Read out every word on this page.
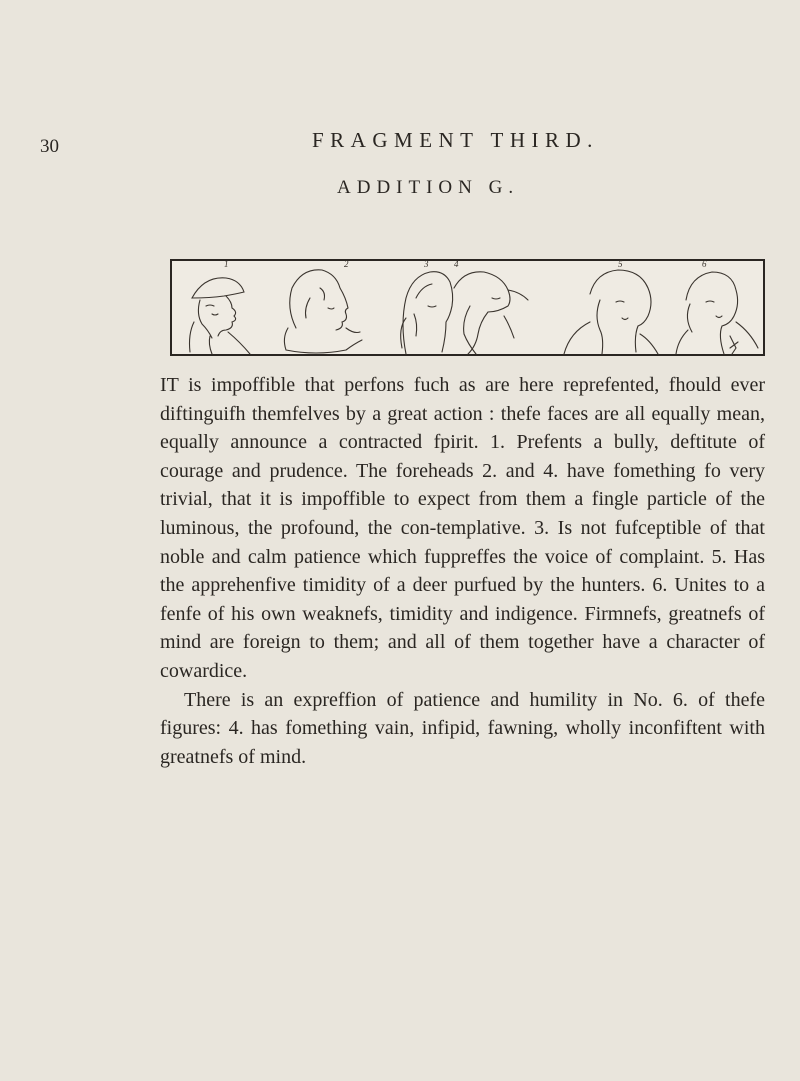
30	FRAGMENT THIRD.
ADDITION G.
1	2	3	4	5	6

IT is impoffible that perfons fuch as are here reprefented, fhould ever diftinguifh themfelves by a great action : thefe faces are all equally mean, equally announce a contracted fpirit. 1. Prefents a bully, deftitute of courage and prudence. The foreheads 2. and 4. have fomething fo very trivial, that it is impoffible to expect from them a fingle particle of the luminous, the profound, the con-templative. 3. Is not fufceptible of that noble and calm patience which fuppreffes the voice of complaint. 5. Has the apprehenfive timidity of a deer purfued by the hunters. 6. Unites to a fenfe of his own weaknefs, timidity and indigence. Firmnefs, greatnefs of mind are foreign to them; and all of them together have a character of cowardice.

There is an expreffion of patience and humility in No. 6. of thefe figures: 4. has fomething vain, infipid, fawning, wholly inconfiftent with greatnefs of mind.
